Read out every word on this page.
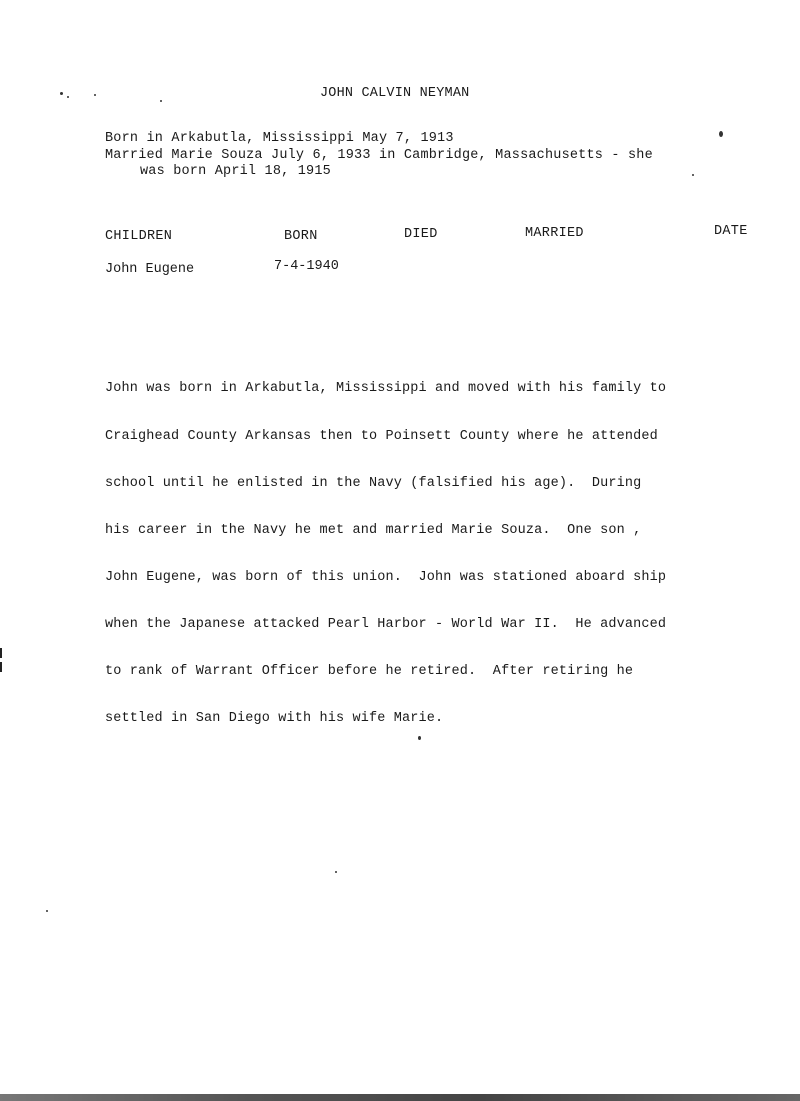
JOHN CALVIN NEYMAN
Born in Arkabutla, Mississippi May 7, 1913
Married Marie Souza July 6, 1933 in Cambridge, Massachusetts - she
was born April 18, 1915
CHILDREN	BORN	DIED	MARRIED	DATE
John Eugene	7-4-1940

John was born in Arkabutla, Mississippi and moved with his family to

Craighead County Arkansas then to Poinsett County where he attended

school until he enlisted in the Navy (falsified his age).  During

his career in the Navy he met and married Marie Souza.  One son ,

John Eugene, was born of this union.  John was stationed aboard ship

when the Japanese attacked Pearl Harbor - World War II.  He advanced

to rank of Warrant Officer before he retired.  After retiring he

settled in San Diego with his wife Marie.
